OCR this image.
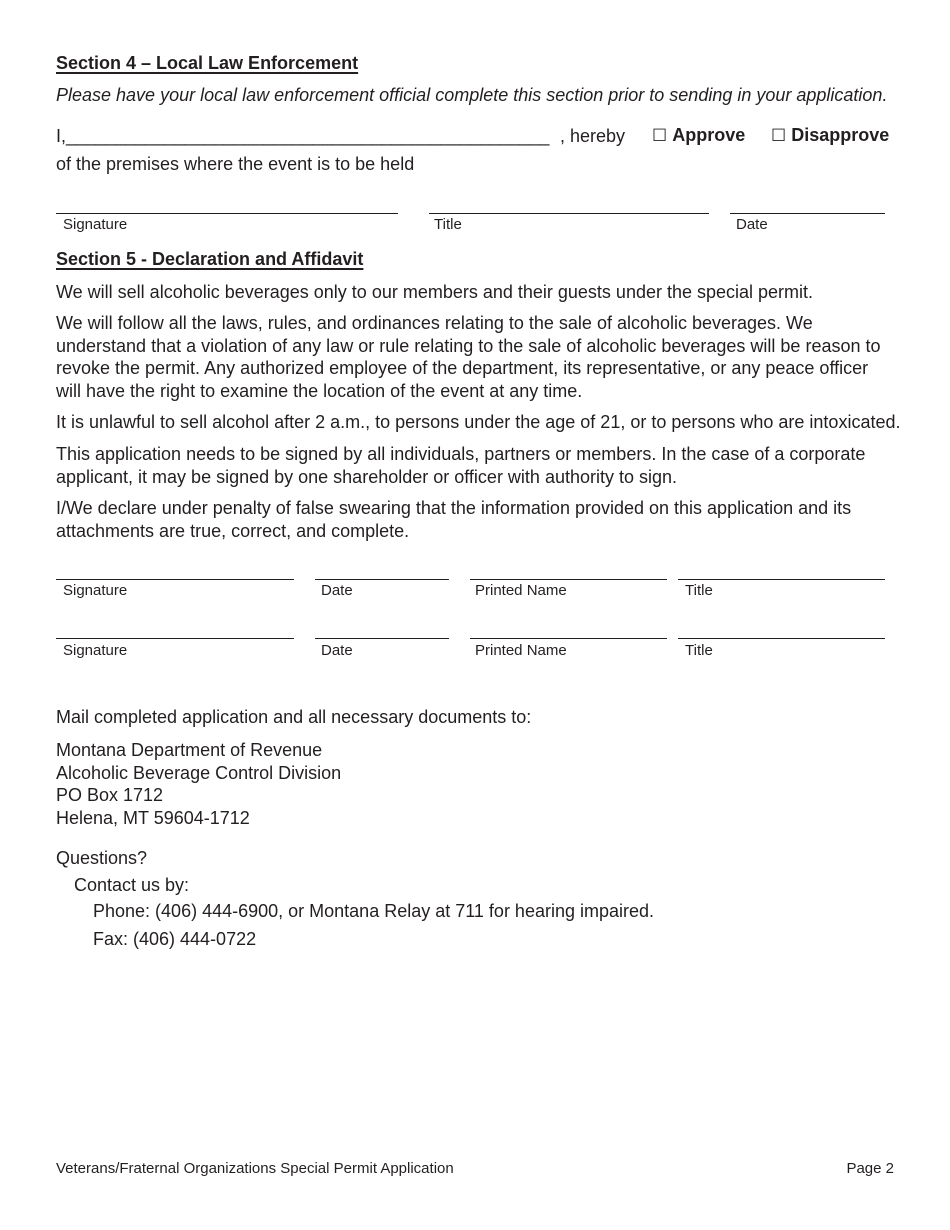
Section 4 – Local Law Enforcement
Please have your local law enforcement official complete this section prior to sending in your application.
I,_________________________________________________ , hereby ☐ Approve ☐ Disapprove
of the premises where the event is to be held
Signature	Title	Date
Section 5 - Declaration and Affidavit
We will sell alcoholic beverages only to our members and their guests under the special permit.
We will follow all the laws, rules, and ordinances relating to the sale of alcoholic beverages. We understand that a violation of any law or rule relating to the sale of alcoholic beverages will be reason to revoke the permit. Any authorized employee of the department, its representative, or any peace officer will have the right to examine the location of the event at any time.
It is unlawful to sell alcohol after 2 a.m., to persons under the age of 21, or to persons who are intoxicated.
This application needs to be signed by all individuals, partners or members. In the case of a corporate applicant, it may be signed by one shareholder or officer with authority to sign.
I/We declare under penalty of false swearing that the information provided on this application and its attachments are true, correct, and complete.
Signature	Date	Printed Name	Title
Signature	Date	Printed Name	Title
Mail completed application and all necessary documents to:
Montana Department of Revenue
Alcoholic Beverage Control Division
PO Box 1712
Helena, MT 59604-1712
Questions?
Contact us by:
Phone: (406) 444-6900, or Montana Relay at 711 for hearing impaired.
Fax: (406) 444-0722
Veterans/Fraternal Organizations Special Permit Application	Page 2
